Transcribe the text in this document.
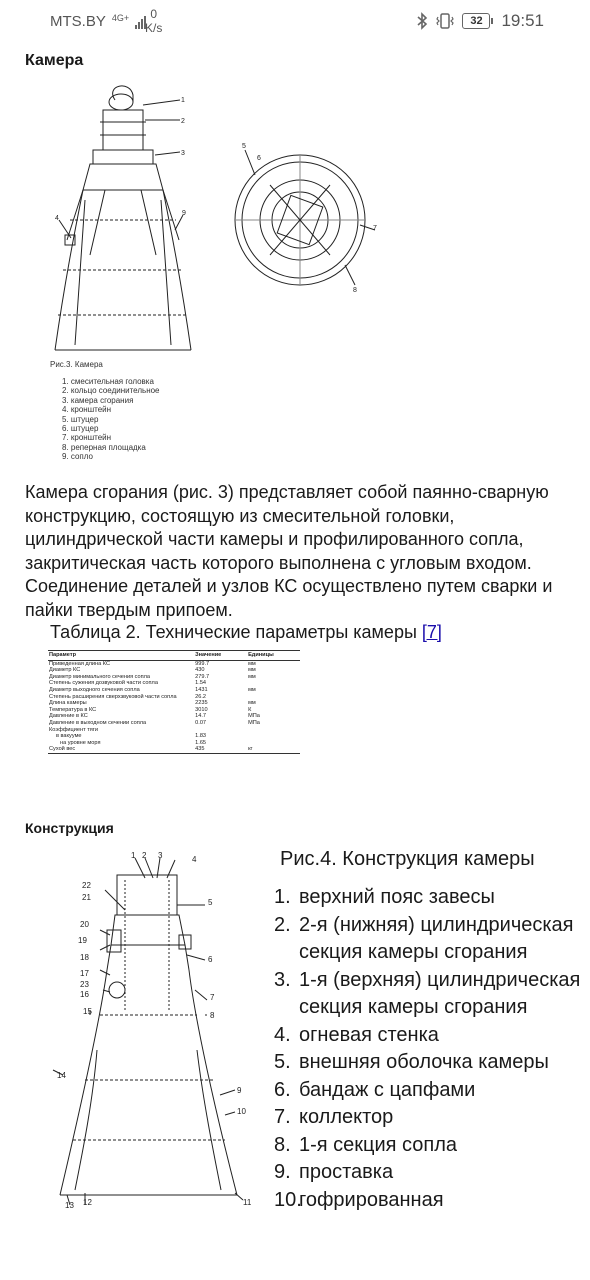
MTS.BY 4G+	0
K/s	32	19:51
Камера
1
2
3
4
5
6
7
8
9
Рис.3. Камера
1. смесительная головка
2. кольцо соединительное
3. камера сгорания
4. кронштейн
5. штуцер
6. штуцер
7. кронштейн
8. реперная площадка
9. сопло

Камера сгорания (рис. 3) представляет собой паянно-сварную конструкцию, состоящую из смесительной головки, цилиндрической части камеры и профилированного сопла, закритическая часть которого выполнена с угловым входом. Соединение деталей и узлов КС осуществлено путем сварки и пайки твердым припоем.

Таблица 2. Технические параметры камеры [7]

Параметр	Значение	Единицы
Приведенная длина КС	999.7	мм
Диаметр КС	430	мм
Диаметр минимального сечения сопла	279.7	мм
Степень сужения дозвуковой части сопла	1.54	
Диаметр выходного сечения сопла	1431	мм
Степень расширения сверхзвуковой части сопла	26.2	
Длина камеры	2235	мм
Температура в КС	3010	К
Давление в КС	14.7	МПа
Давление в выходном сечении сопла	0.07	МПа
Коэффициент тяги		
в вакууме	1.83	
на уровне моря	1.65	
Сухой вес	435	кг
Конструкция
1 2 3	4
5
6
7
8
9
10
11
12
13
14
15
16
17
18
19
20
21
22
23

Рис.4. Конструкция камеры

1. верхний пояс завесы
2. 2-я (нижняя) цилиндрическая секция камеры сгорания
3. 1-я (верхняя) цилиндрическая секция камеры сгорания
4. огневая стенка
5. внешняя оболочка камеры
6. бандаж с цапфами
7. коллектор
8. 1-я секция сопла
9. проставка
10.
гофрированная
